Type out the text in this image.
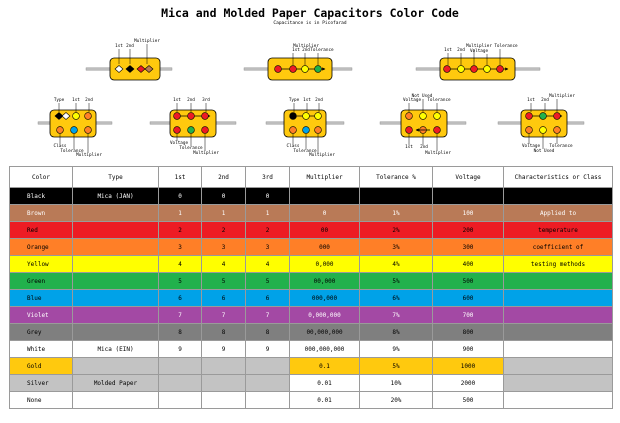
Mica and Molded Paper Capacitors Color Code
Capacitance is in Picofarad
1st 2nd
Multiplier
Multiplier
1st 2nd Tolerance	1st 2nd
Multiplier
Voltage
Tolerance
Type 1st 2nd
Class
Tolerance
Multiplier
1st 2nd 3rd
Voltage
Tolerance
Multiplier
Type 1st 2nd
Class
Tolerance
Multiplier
Not Used
Voltage Tolerance
1st 2nd
Multiplier
1st 2nd
Multiplier
Voltage
Not Used
Tolerance
Color	Type	1st	2nd	3rd	Multiplier	Tolerance %	Voltage	Characteristics or Class
Black	Mica (JAN)	0	0	0				
Brown		1	1	1	0	1%	100	Applied to
Red		2	2	2	00	2%	200	temperature
Orange		3	3	3	000	3%	300	coefficient of
Yellow		4	4	4	0,000	4%	400	testing methods
Green		5	5	5	00,000	5%	500	
Blue		6	6	6	000,000	6%	600	
Violet		7	7	7	0,000,000	7%	700	
Grey		8	8	8	00,000,000	8%	800	
White	Mica (EIN)	9	9	9	000,000,000	9%	900	
Gold					0.1	5%	1000	
Silver	Molded Paper				0.01	10%	2000	
None					0.01	20%	500	
